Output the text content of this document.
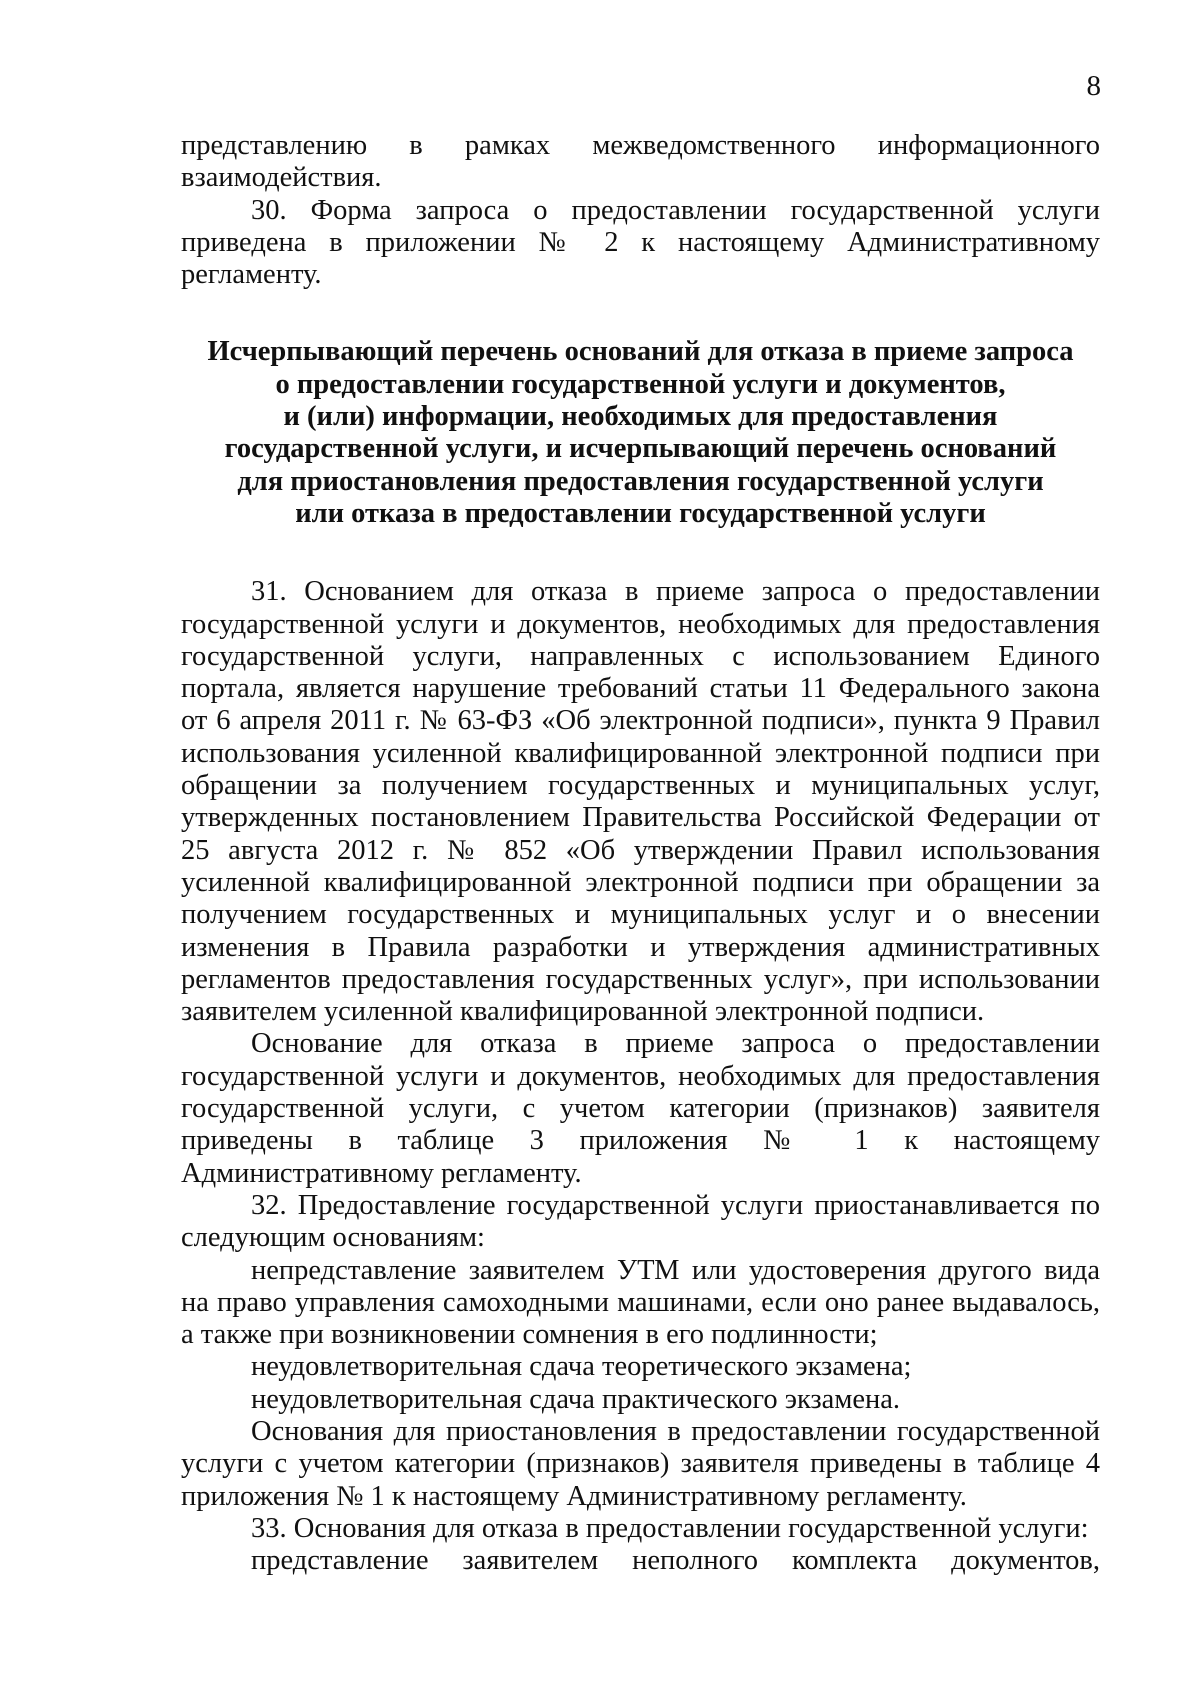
8

представлению в рамках межведомственного информационного взаимодействия.

30. Форма запроса о предоставлении государственной услуги приведена в приложении № 2 к настоящему Административному регламенту.

Исчерпывающий перечень оснований для отказа в приеме запроса
о предоставлении государственной услуги и документов,
и (или) информации, необходимых для предоставления
государственной услуги, и исчерпывающий перечень оснований
для приостановления предоставления государственной услуги
или отказа в предоставлении государственной услуги

31. Основанием для отказа в приеме запроса о предоставлении государственной услуги и документов, необходимых для предоставления государственной услуги, направленных с использованием Единого портала, является нарушение требований статьи 11 Федерального закона от 6 апреля 2011 г. № 63-ФЗ «Об электронной подписи», пункта 9 Правил использования усиленной квалифицированной электронной подписи при обращении за получением государственных и муниципальных услуг, утвержденных постановлением Правительства Российской Федерации от 25 августа 2012 г. № 852 «Об утверждении Правил использования усиленной квалифицированной электронной подписи при обращении за получением государственных и муниципальных услуг и о внесении изменения в Правила разработки и утверждения административных регламентов предоставления государственных услуг», при использовании заявителем усиленной квалифицированной электронной подписи.

Основание для отказа в приеме запроса о предоставлении государственной услуги и документов, необходимых для предоставления государственной услуги, с учетом категории (признаков) заявителя приведены в таблице 3 приложения № 1 к настоящему Административному регламенту.

32. Предоставление государственной услуги приостанавливается по следующим основаниям:

непредставление заявителем УТМ или удостоверения другого вида на право управления самоходными машинами, если оно ранее выдавалось, а также при возникновении сомнения в его подлинности;

неудовлетворительная сдача теоретического экзамена;

неудовлетворительная сдача практического экзамена.

Основания для приостановления в предоставлении государственной услуги с учетом категории (признаков) заявителя приведены в таблице 4 приложения № 1 к настоящему Административному регламенту.

33. Основания для отказа в предоставлении государственной услуги:

представление заявителем неполного комплекта документов,
